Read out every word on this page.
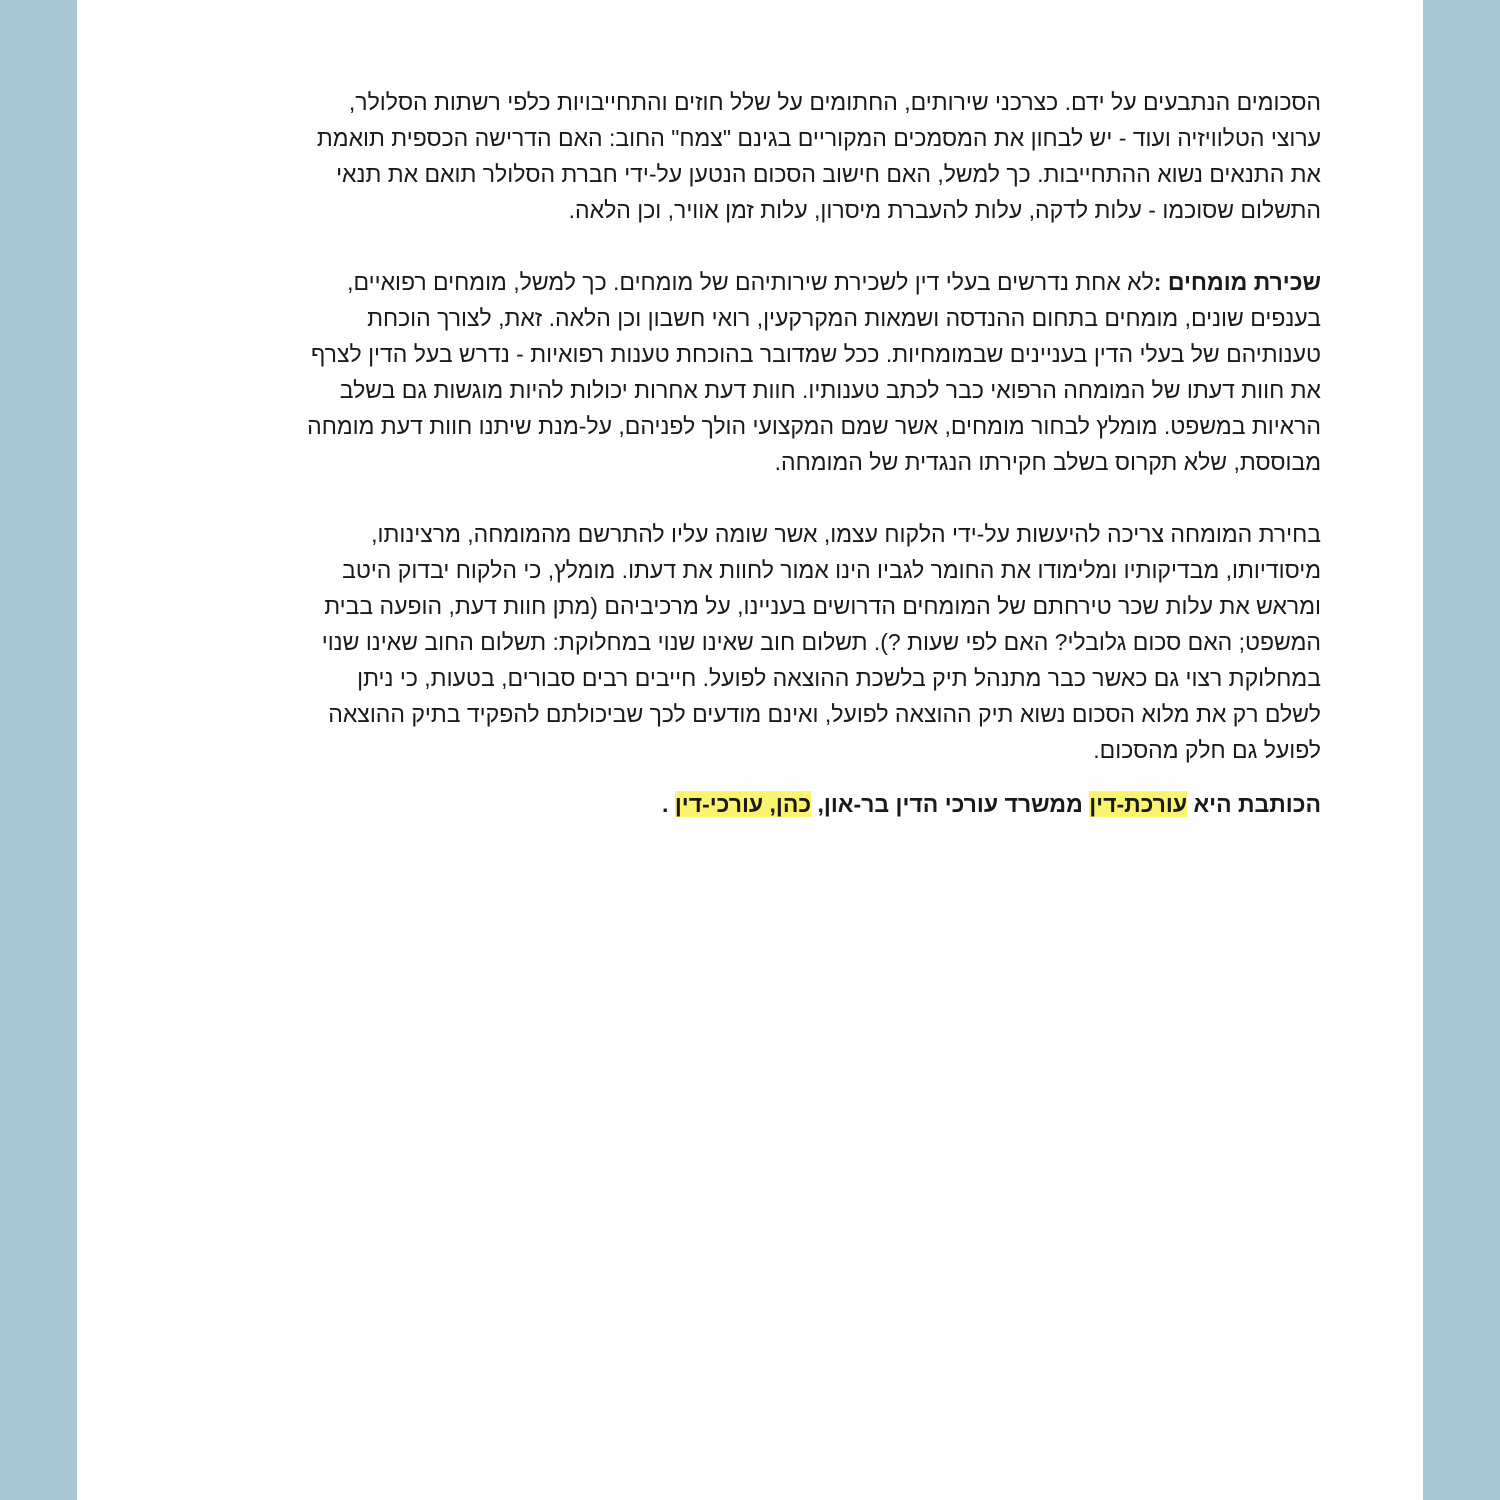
הסכומים הנתבעים על ידם. כצרכני שירותים, החתומים על שלל חוזים והתחייבויות כלפי רשתות הסלולר,
ערוצי הטלוויזיה ועוד - יש לבחון את המסמכים המקוריים בגינם "צמח" החוב: האם הדרישה הכספית תואמת
את התנאים נשוא ההתחייבות. כך למשל, האם חישוב הסכום הנטען על-ידי חברת הסלולר תואם את תנאי
התשלום שסוכמו - עלות לדקה, עלות להעברת מיסרון, עלות זמן אוויר, וכן הלאה.
שכירת מומחים :לא אחת נדרשים בעלי דין לשכירת שירותיהם של מומחים. כך למשל, מומחים רפואיים,
בענפים שונים, מומחים בתחום ההנדסה ושמאות המקרקעין, רואי חשבון וכן הלאה. זאת, לצורך הוכחת
טענותיהם של בעלי הדין בעניינים שבמומחיות. ככל שמדובר בהוכחת טענות רפואיות - נדרש בעל הדין לצרף
את חוות דעתו של המומחה הרפואי כבר לכתב טענותיו. חוות דעת אחרות יכולות להיות מוגשות גם בשלב
הראיות במשפט. מומלץ לבחור מומחים, אשר שמם המקצועי הולך לפניהם, על-מנת שיתנו חוות דעת מומחה
מבוססת, שלא תקרוס בשלב חקירתו הנגדית של המומחה.
בחירת המומחה צריכה להיעשות על-ידי הלקוח עצמו, אשר שומה עליו להתרשם מהמומחה, מרצינותו,
מיסודיותו, מבדיקותיו ומלימודו את החומר לגביו הינו אמור לחוות את דעתו. מומלץ, כי הלקוח יבדוק היטב
ומראש את עלות שכר טירחתם של המומחים הדרושים בעניינו, על מרכיביהם (מתן חוות דעת, הופעה בבית
המשפט; האם סכום גלובלי? האם לפי שעות ?). תשלום חוב שאינו שנוי במחלוקת: תשלום החוב שאינו שנוי
במחלוקת רצוי גם כאשר כבר מתנהל תיק בלשכת ההוצאה לפועל. חייבים רבים סבורים, בטעות, כי ניתן
לשלם רק את מלוא הסכום נשוא תיק ההוצאה לפועל, ואינם מודעים לכך שביכולתם להפקיד בתיק ההוצאה
לפועל גם חלק מהסכום.
הכותבת היא עורכת-דין ממשרד עורכי הדין בר-און, כהן, עורכי-דין .
